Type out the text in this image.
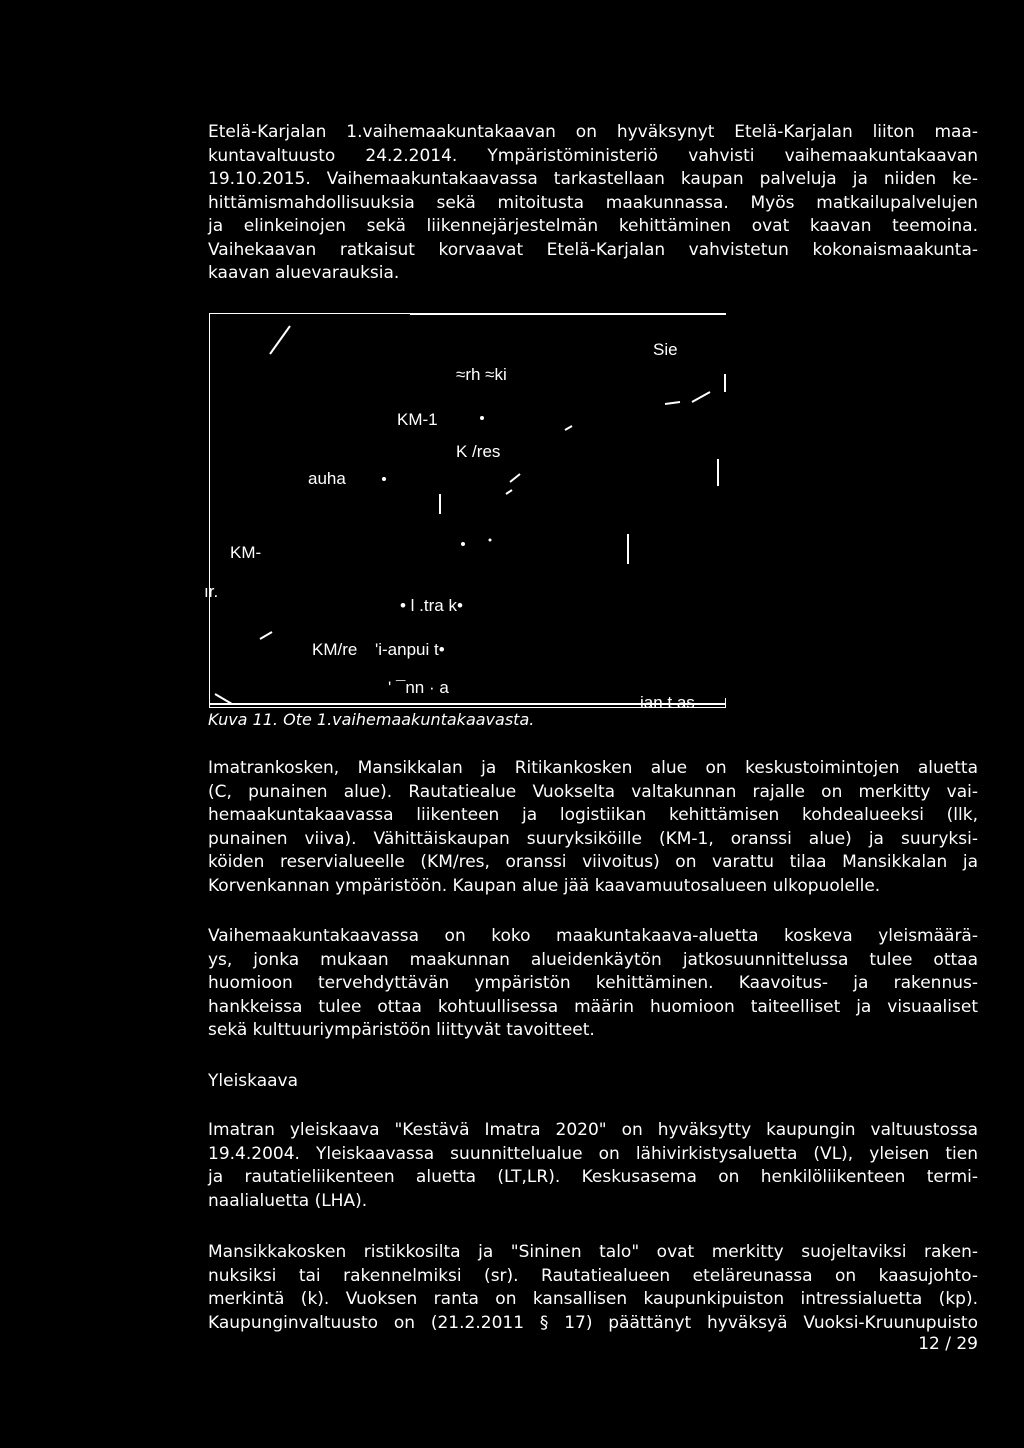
Etelä-Karjalan 1.vaihemaakuntakaavan on hyväksynyt Etelä-Karjalan liiton maa-
kuntavaltuusto 24.2.2014. Ympäristöministeriö vahvisti vaihemaakuntakaavan
19.10.2015. Vaihemaakuntakaavassa tarkastellaan kaupan palveluja ja niiden ke-
hittämismahdollisuuksia sekä mitoitusta maakunnassa. Myös matkailupalvelujen
ja elinkeinojen sekä liikennejärjestelmän kehittäminen ovat kaavan teemoina.
Vaihekaavan ratkaisut korvaavat Etelä-Karjalan vahvistetun kokonaismaakunta-
kaavan aluevarauksia.
Sie
≈rh ≈ki
KM-1
K /res
auha
KM-
ır.
• l .tra k•
KM/re 'i-anpui t•
' ¯nn · a
ian t as
Kuva 11. Ote 1.vaihemaakuntakaavasta.
Imatrankosken, Mansikkalan ja Ritikankosken alue on keskustoimintojen aluetta
(C, punainen alue). Rautatiealue Vuokselta valtakunnan rajalle on merkitty vai-
hemaakuntakaavassa liikenteen ja logistiikan kehittämisen kohdealueeksi (llk,
punainen viiva). Vähittäiskaupan suuryksiköille (KM-1, oranssi alue) ja suuryksi-
köiden reservialueelle (KM/res, oranssi viivoitus) on varattu tilaa Mansikkalan ja
Korvenkannan ympäristöön. Kaupan alue jää kaavamuutosalueen ulkopuolelle.
Vaihemaakuntakaavassa on koko maakuntakaava-aluetta koskeva yleismäärä-
ys, jonka mukaan maakunnan alueidenkäytön jatkosuunnittelussa tulee ottaa
huomioon tervehdyttävän ympäristön kehittäminen. Kaavoitus- ja rakennus-
hankkeissa tulee ottaa kohtuullisessa määrin huomioon taiteelliset ja visuaaliset
sekä kulttuuriympäristöön liittyvät tavoitteet.
Yleiskaava
Imatran yleiskaava "Kestävä Imatra 2020" on hyväksytty kaupungin valtuustossa
19.4.2004. Yleiskaavassa suunnittelualue on lähivirkistysaluetta (VL), yleisen tien
ja rautatieliikenteen aluetta (LT,LR). Keskusasema on henkilöliikenteen termi-
naalialuetta (LHA).
Mansikkakosken ristikkosilta ja "Sininen talo" ovat merkitty suojeltaviksi raken-
nuksiksi tai rakennelmiksi (sr). Rautatiealueen eteläreunassa on kaasujohto-
merkintä (k). Vuoksen ranta on kansallisen kaupunkipuiston intressialuetta (kp).
Kaupunginvaltuusto on (21.2.2011 § 17) päättänyt hyväksyä Vuoksi-Kruunupuisto
12 / 29
